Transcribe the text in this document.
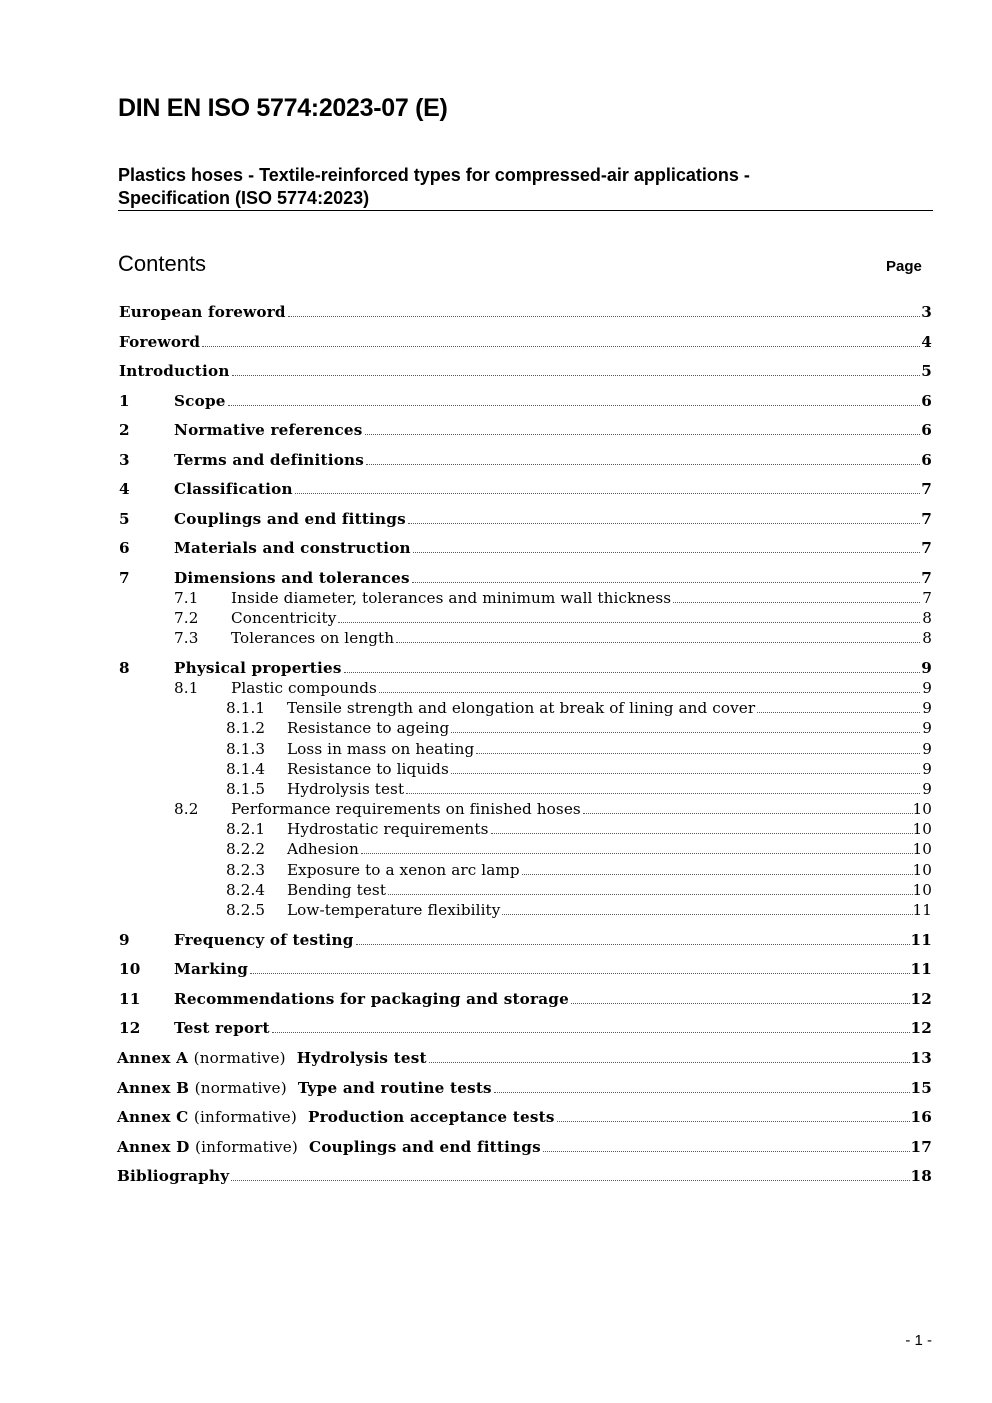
DIN EN ISO 5774:2023-07 (E)
Plastics hoses - Textile-reinforced types for compressed-air applications -
Specification (ISO 5774:2023)
Contents	Page
European foreword	3
Foreword	4
Introduction	5
1	Scope	6
2	Normative references	6
3	Terms and definitions	6
4	Classification	7
5	Couplings and end fittings	7
6	Materials and construction	7
7	Dimensions and tolerances	7
7.1 Inside diameter, tolerances and minimum wall thickness	7
7.2 Concentricity	8
7.3 Tolerances on length	8
8	Physical properties	9
8.1 Plastic compounds	9
8.1.1 Tensile strength and elongation at break of lining and cover	9
8.1.2 Resistance to ageing	9
8.1.3 Loss in mass on heating	9
8.1.4 Resistance to liquids	9
8.1.5 Hydrolysis test	9
8.2 Performance requirements on finished hoses	10
8.2.1 Hydrostatic requirements	10
8.2.2 Adhesion	10
8.2.3 Exposure to a xenon arc lamp	10
8.2.4 Bending test	10
8.2.5 Low-temperature flexibility	11
9	Frequency of testing	11
10 Marking	11
11 Recommendations for packaging and storage	12
12 Test report	12
Annex A (normative) Hydrolysis test	13
Annex B (normative) Type and routine tests	15
Annex C (informative) Production acceptance tests	16
Annex D (informative) Couplings and end fittings	17
Bibliography	18
- 1 -
